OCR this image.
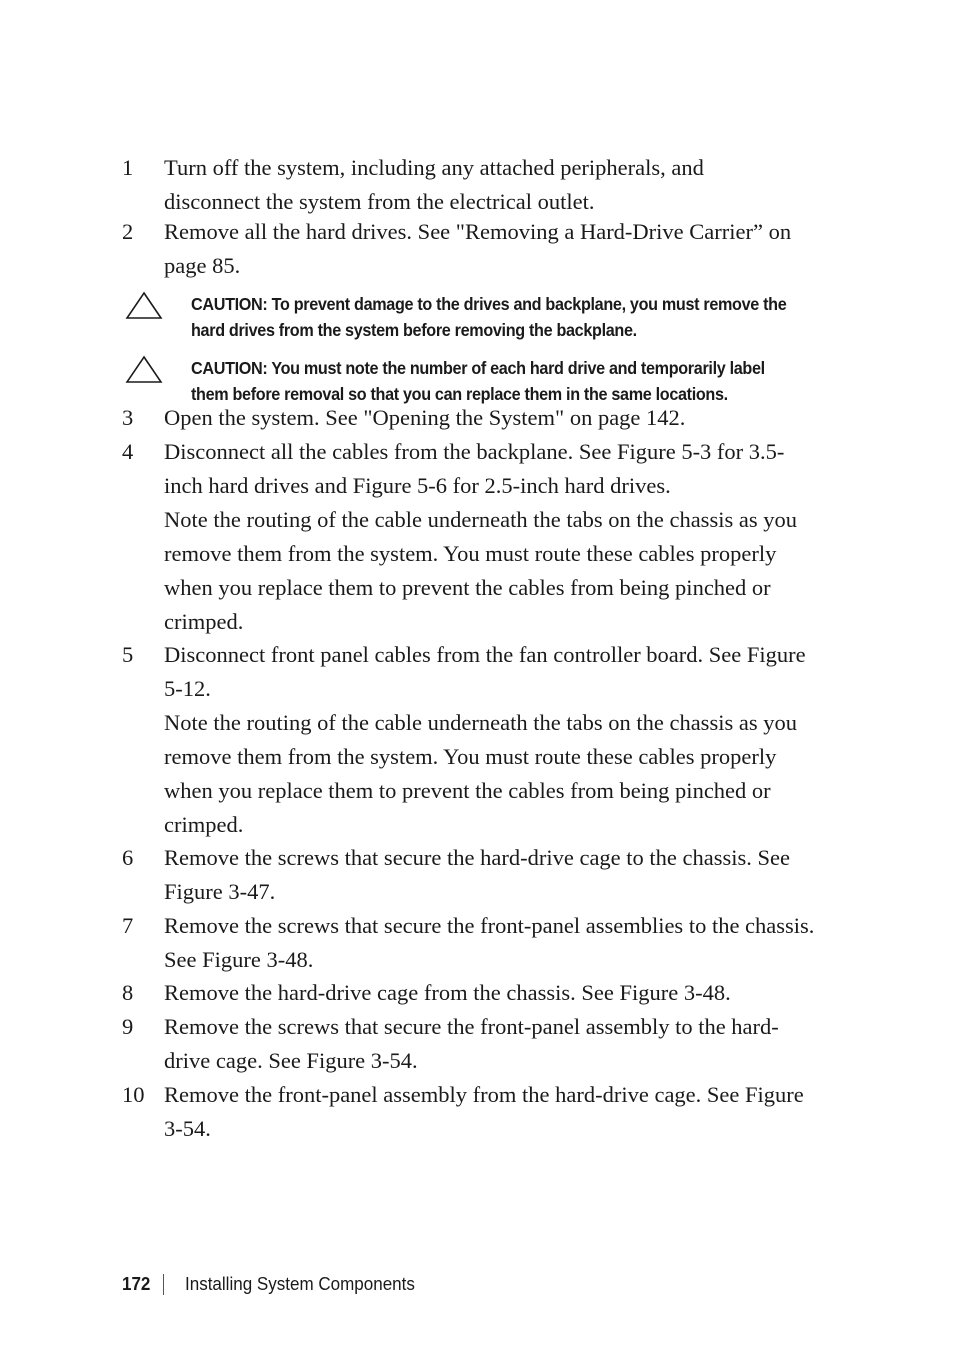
1 Turn off the system, including any attached peripherals, and
disconnect the system from the electrical outlet.
2 Remove all the hard drives. See "Removing a Hard-Drive Carrier” on
page 85.
CAUTION: To prevent damage to the drives and backplane, you must remove the
hard drives from the system before removing the backplane.
CAUTION: You must note the number of each hard drive and temporarily label
them before removal so that you can replace them in the same locations.
3 Open the system. See "Opening the System" on page 142.
4 Disconnect all the cables from the backplane. See Figure 5-3 for 3.5-
inch hard drives and Figure 5-6 for 2.5-inch hard drives.
Note the routing of the cable underneath the tabs on the chassis as you
remove them from the system. You must route these cables properly
when you replace them to prevent the cables from being pinched or
crimped.
5 Disconnect front panel cables from the fan controller board. See Figure
5-12.
Note the routing of the cable underneath the tabs on the chassis as you
remove them from the system. You must route these cables properly
when you replace them to prevent the cables from being pinched or
crimped.
6 Remove the screws that secure the hard-drive cage to the chassis. See
Figure 3-47.
7 Remove the screws that secure the front-panel assemblies to the chassis.
See Figure 3-48.
8 Remove the hard-drive cage from the chassis. See Figure 3-48.
9 Remove the screws that secure the front-panel assembly to the hard-
drive cage. See Figure 3-54.
10 Remove the front-panel assembly from the hard-drive cage. See Figure
3-54.
172 Installing System Components
